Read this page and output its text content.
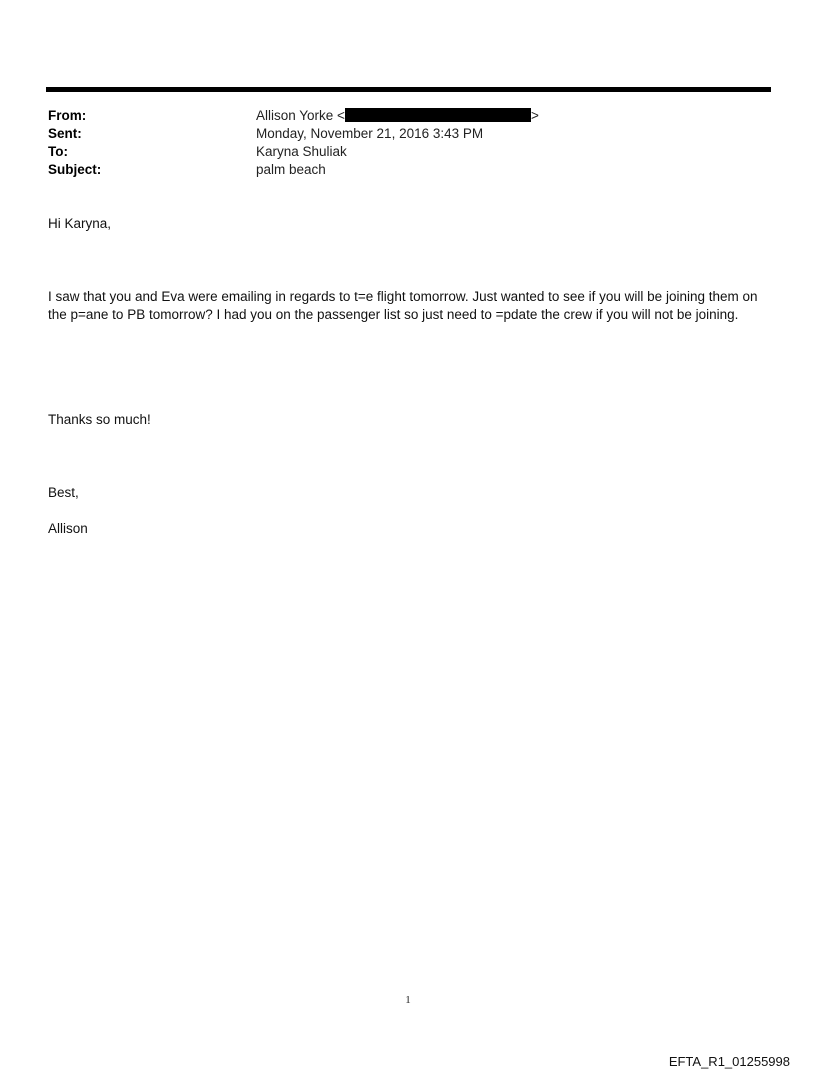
From:	Allison Yorke <	>
Sent:	Monday, November 21, 2016 3:43 PM
To:	Karyna Shuliak
Subject:	palm beach
Hi Karyna,
I saw that you and Eva were emailing in regards to t=e flight tomorrow. Just wanted to see if you will be joining them on
the p=ane to PB tomorrow? I had you on the passenger list so just need to =pdate the crew if you will not be joining.
Thanks so much!
Best,
Allison
1
EFTA_R1_01255998
